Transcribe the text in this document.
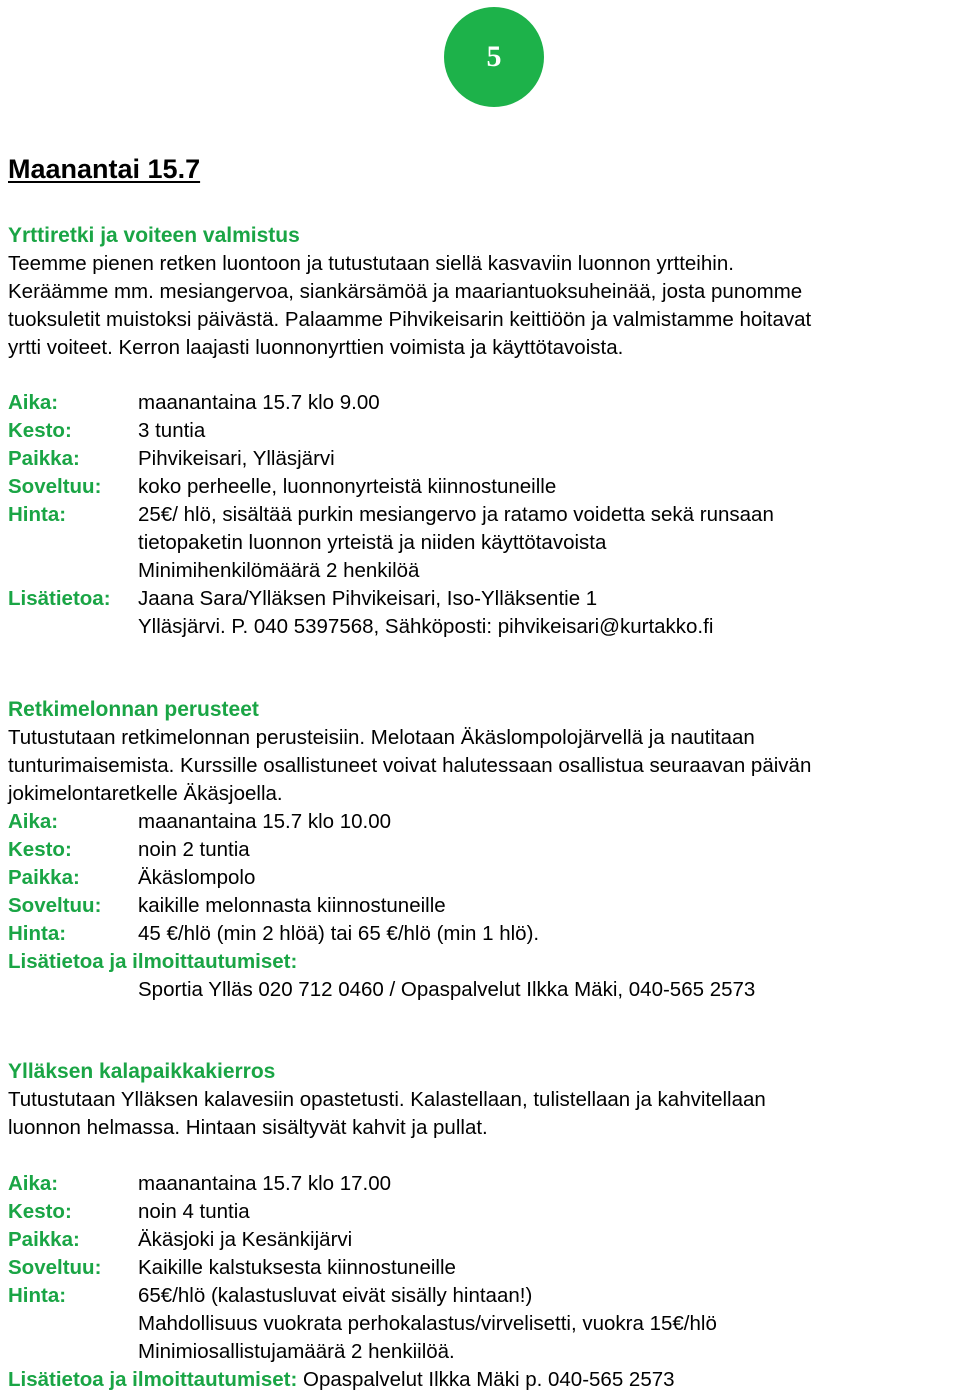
5
Maanantai 15.7
Yrttiretki ja voiteen valmistus
Teemme pienen retken luontoon ja tutustutaan siellä kasvaviin luonnon yrtteihin.
Keräämme mm. mesiangervoa, siankärsämöä ja maariantuoksuheinää, josta punomme
tuoksuletit muistoksi päivästä. Palaamme Pihvikeisarin keittiöön ja valmistamme hoitavat
yrtti voiteet. Kerron laajasti luonnonyrttien voimista ja käyttötavoista.
Aika:	maanantaina 15.7 klo 9.00
Kesto:	3 tuntia
Paikka:	Pihvikeisari, Ylläsjärvi
Soveltuu:	koko perheelle, luonnonyrteistä kiinnostuneille
Hinta:	25€/ hlö, sisältää purkin mesiangervo ja ratamo voidetta sekä runsaan
tietopaketin luonnon yrteistä ja niiden käyttötavoista
Minimihenkilömäärä 2 henkilöä
Lisätietoa:	Jaana Sara/Ylläksen Pihvikeisari, Iso-Ylläksentie 1
Ylläsjärvi. P. 040 5397568, Sähköposti: pihvikeisari@kurtakko.fi
Retkimelonnan perusteet
Tutustutaan retkimelonnan perusteisiin. Melotaan Äkäslompolojärvellä ja nautitaan
tunturimaisemista. Kurssille osallistuneet voivat halutessaan osallistua seuraavan päivän
jokimelontaretkelle Äkäsjoella.
Aika:	maanantaina 15.7 klo 10.00
Kesto:	noin 2 tuntia
Paikka:	Äkäslompolo
Soveltuu:	kaikille melonnasta kiinnostuneille
Hinta:	45 €/hlö (min 2 hlöä) tai 65 €/hlö (min 1 hlö).
Lisätietoa ja ilmoittautumiset:
Sportia Ylläs 020 712 0460 / Opaspalvelut Ilkka Mäki, 040-565 2573
Ylläksen kalapaikkakierros
Tutustutaan Ylläksen kalavesiin opastetusti. Kalastellaan, tulistellaan ja kahvitellaan
luonnon helmassa. Hintaan sisältyvät kahvit ja pullat.
Aika:	maanantaina 15.7 klo 17.00
Kesto:	noin 4 tuntia
Paikka:	Äkäsjoki ja Kesänkijärvi
Soveltuu:	Kaikille kalstuksesta kiinnostuneille
Hinta:	65€/hlö (kalastusluvat eivät sisälly hintaan!)
Mahdollisuus vuokrata perhokalastus/virvelisetti, vuokra 15€/hlö
Minimiosallistujamäärä 2 henkiilöä.
Lisätietoa ja ilmoittautumiset: Opaspalvelut Ilkka Mäki p. 040-565 2573
